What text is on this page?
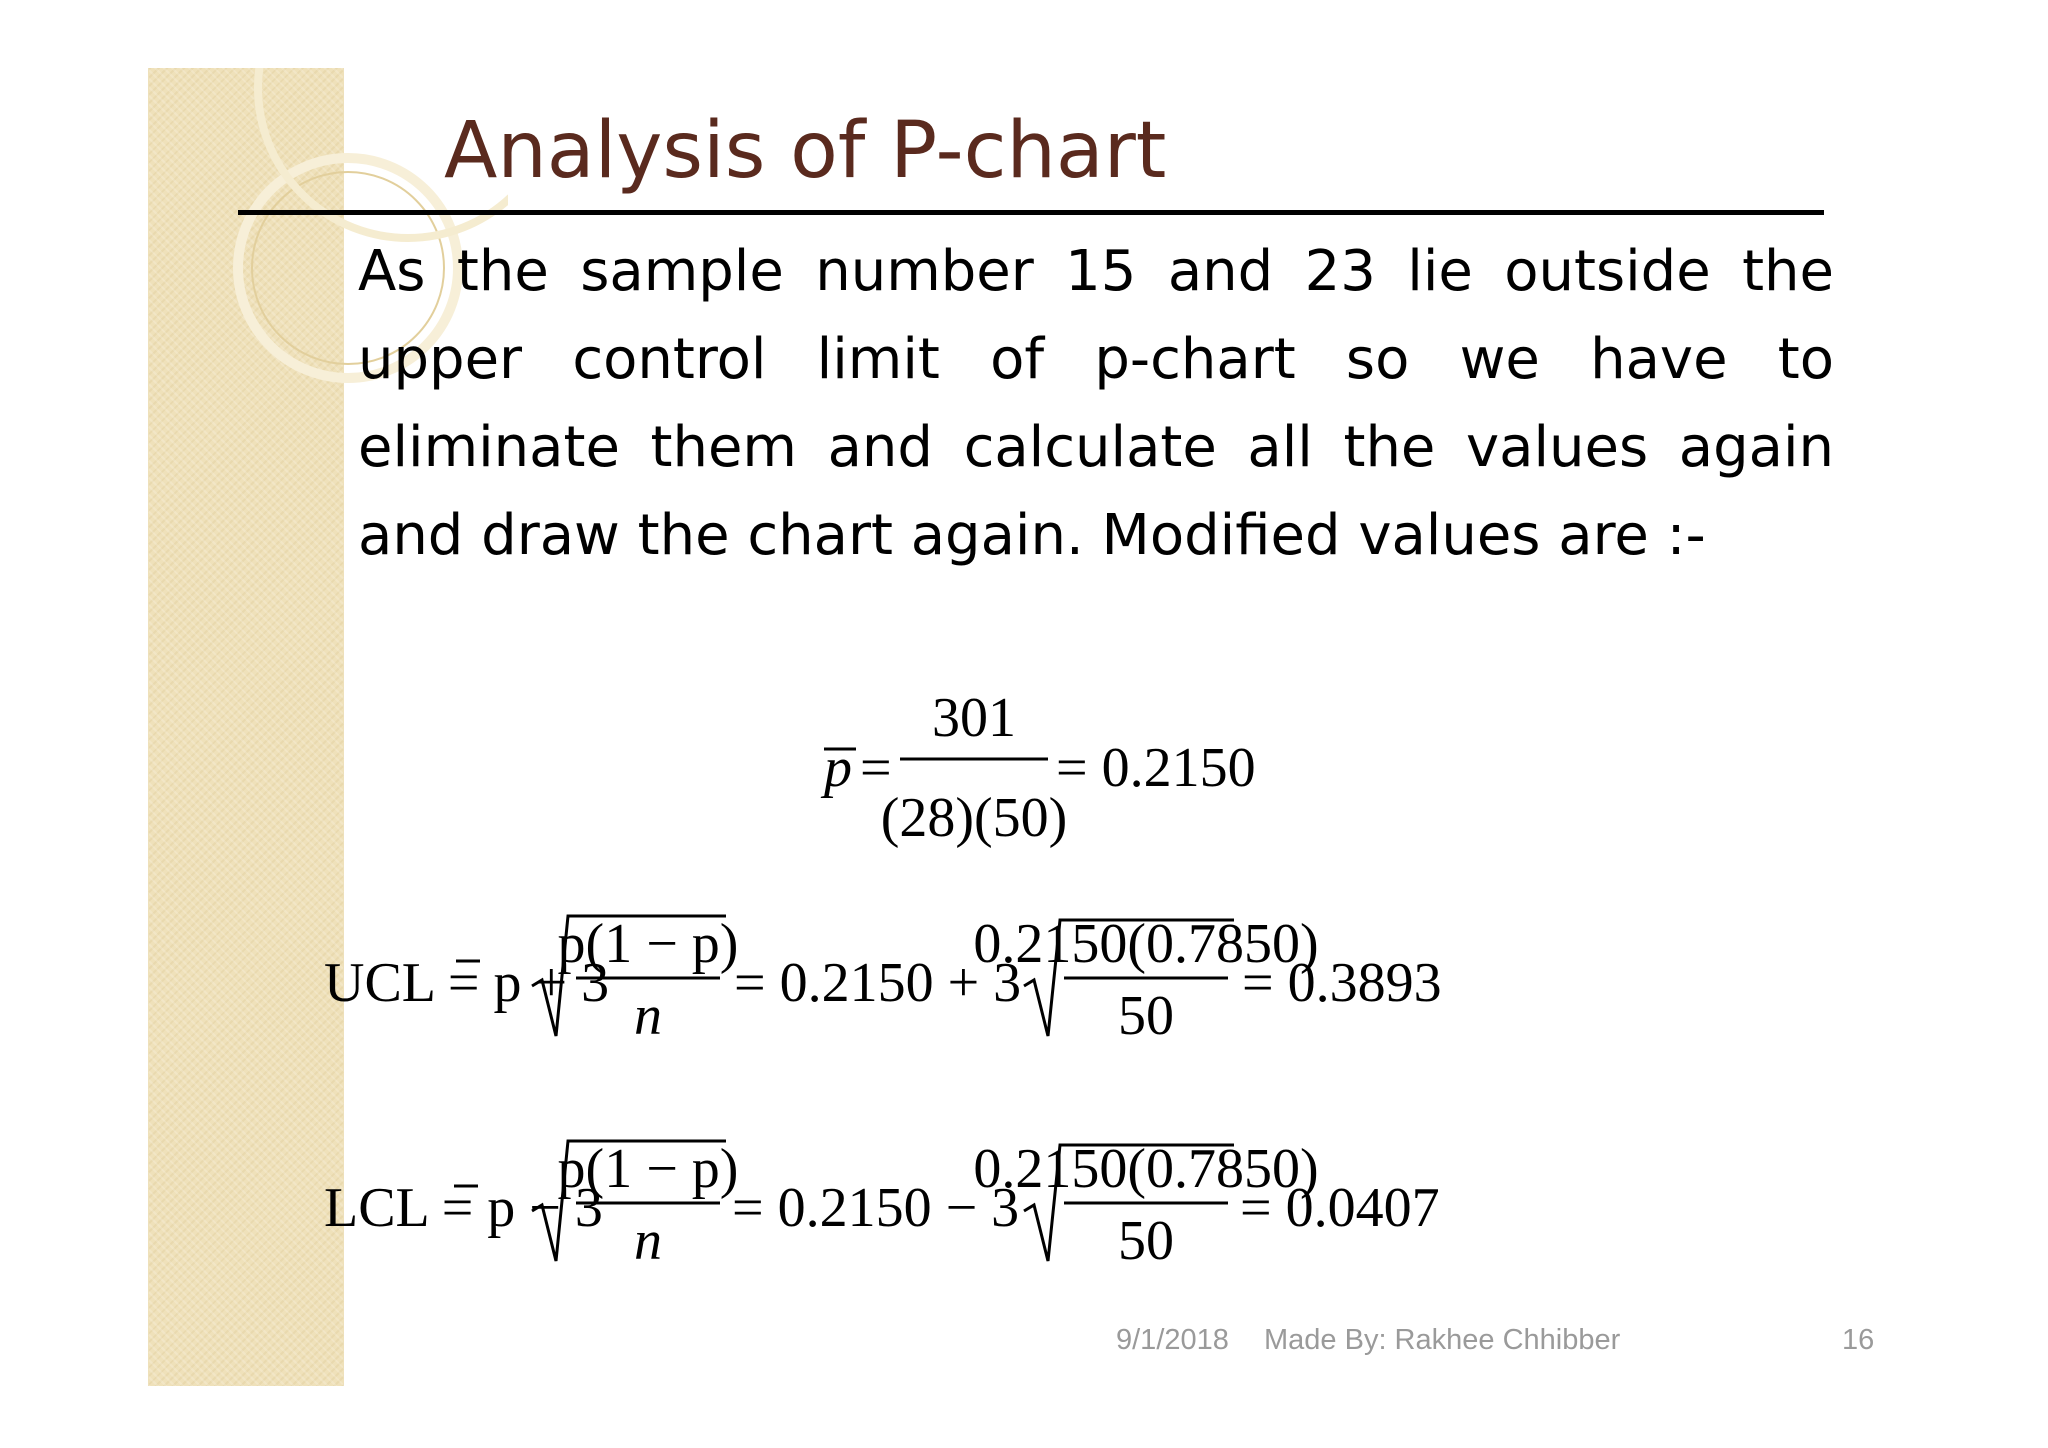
Analysis of P-chart

As the sample number 15 and 23 lie outside the upper control limit of p-chart so we have to eliminate them and calculate all the values again and draw the chart again. Modified values are :-

p =
301
(28)(50)
= 0.2150
UCL = p + 3
p(1 − p)
n
= 0.2150 + 3
0.2150(0.7850)
50
= 0.3893
LCL = p − 3
p(1 − p)
n
= 0.2150 − 3
0.2150(0.7850)
50
= 0.0407
9/1/2018 Made By: Rakhee Chhibber	16
